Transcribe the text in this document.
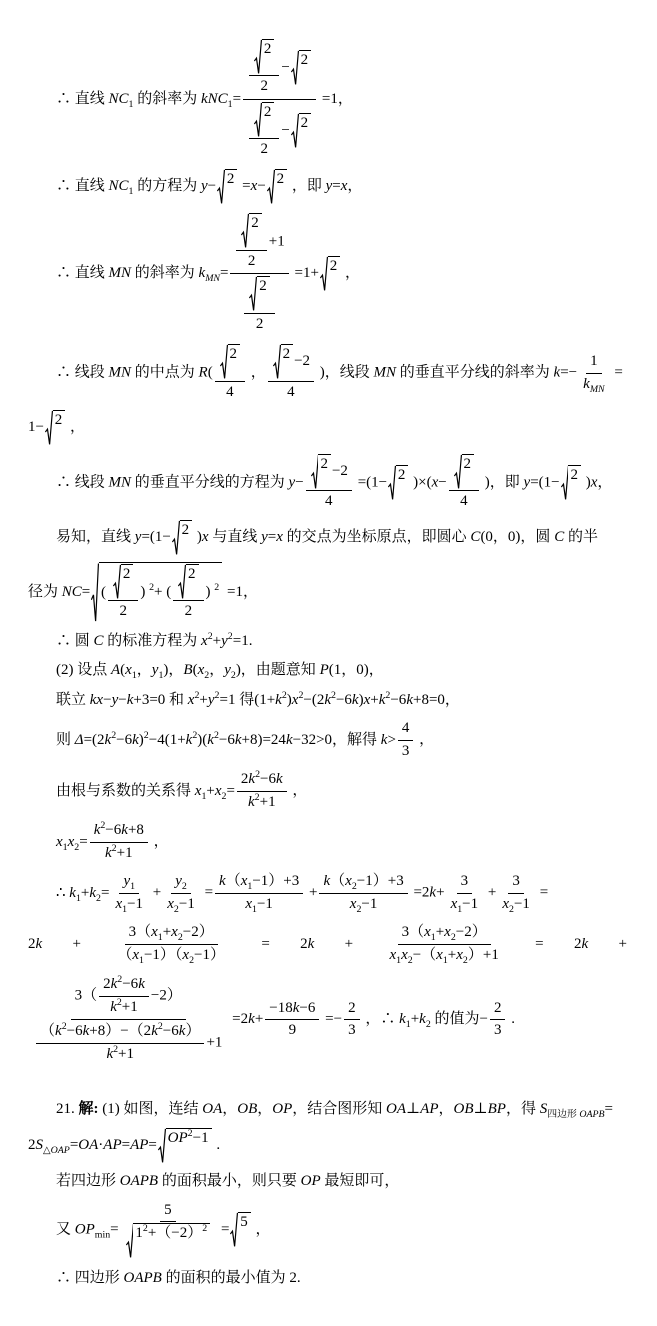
∴ 直线 $NC_1$ 的斜率为 $kNC_1= \frac{\frac{2}{2} - 2}{\frac{2}{2} - 2} =1$，
∴ 直线 $NC_1$ 的方程为 y− 2 =x− 2 ，即 y=x，
∴ 直线 MN 的斜率为 $k_{MN}= \frac{\frac{2}{2} +1}{\frac{2}{2}} =1+ 2$ ，
∴ 线段 MN 的中点为 $R( \frac{2}{4}$ ， $\frac{2 -2}{4}$ )，线段 MN 的垂直平分线的斜率为 $k=- \frac{1}{k_{MN}}$ =
1− 2 ，
∴ 线段 MN 的垂直平分线的方程为 $y- \frac{2 -2}{4} =(1- 2$ )$\times(x- \frac{2}{4}$ )，即 y=(1− 2 )x，
易知，直线 y=(1− 2 )x 与直线 y=x 的交点为坐标原点，即圆心 C(0，0)，圆 C 的半
径为 NC= ( $\frac{2}{2}$ ) $^2$+ ( $\frac{2}{2}$ ) $^2$ =1，
∴ 圆 C 的标准方程为 $x^2+y^2=1$.
(2) 设点 $A(x_1$，$y_1$)，$B(x_2$，$y_2$)，由题意知 P(1，0)，
联立 kx−y−k+3=0 和 $x^2+y^2=1$ 得$(1+k^2)x^2-(2k^2-6k)x+k^2-6k+8=0$，
则 $\Delta=(2k^2-6k)^2-4(1+k^2)(k^2-6k+8)=24k-32>0$，解得 $k> \frac{4}{3}$ ，
由根与系数的关系得 $x_1+x_2= \frac{2k^2-6k}{k^2+1}$ ，
$x_1x_2= \frac{k^2-6k+8}{k^2+1}$ ，
∴ $k_1+k_2= \frac{y_1}{x_1-1} + \frac{y_2}{x_2-1} = \frac{k(x_1-1)+3}{x_1-1} + \frac{k(x_2-1)+3}{x_2-1} =2k+ \frac{3}{x_1-1} + \frac{3}{x_2-1}$ =
$2k + \frac{3(x_1+x_2-2)}{(x_1-1)(x_2-1)} = 2k + \frac{3(x_1+x_2-2)}{x_1x_2-(x_1+x_2)+1} = 2k$ +
$\frac{3( \frac{2k^2-6k}{k^2+1} -2)}{\frac{(k^2-6k+8)-(2k^2-6k)}{k^2+1} +1} =2k+ \frac{-18k-6}{9} =- \frac{2}{3}$ ，∴ $k_1+k_2$ 的值为− $\frac{2}{3}$ .
21. 解: (1) 如图，连结 OA，OB，OP，结合图形知 OA⊥AP，OB⊥BP，得 $S_{四边形 OAPB}=$
$2S_{\triangle OAP}=OA\cdot AP=AP= OP^2-1$ .
若四边形 OAPB 的面积最小，则只要 OP 最短即可，
又 $OP_{min}= \frac{5}{1^2+(-2)^2} = 5$ ，
∴ 四边形 OAPB 的面积的最小值为 2.
